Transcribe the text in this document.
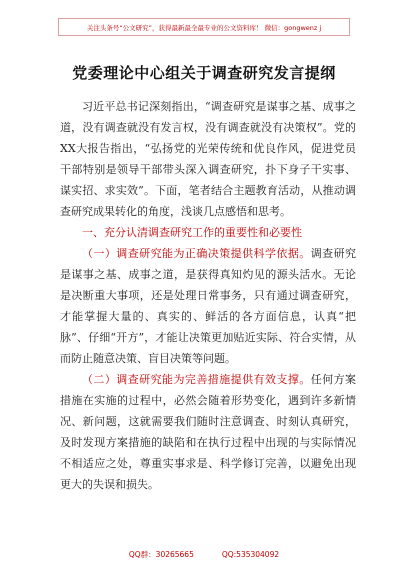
关注头条号“公文研究”，获得最新最全最专业的公文资料库！ 微信：gongwenz j
党委理论中心组关于调查研究发言提纲

习近平总书记深刻指出，“调查研究是谋事之基、成事之道，没有调查就没有发言权，没有调查就没有决策权”。党的XX大报告指出，“弘扬党的光荣传统和优良作风，促进党员干部特别是领导干部带头深入调查研究，扑下身子干实事、谋实招、求实效”。下面，笔者结合主题教育活动，从推动调查研究成果转化的角度，浅谈几点感悟和思考。

一、充分认清调查研究工作的重要性和必要性

（一）调查研究能为正确决策提供科学依据。调查研究是谋事之基、成事之道，是获得真知灼见的源头活水。无论是决断重大事项，还是处理日常事务，只有通过调查研究，才能掌握大量的、真实的、鲜活的各方面信息，认真“把脉”、仔细“开方”，才能让决策更加贴近实际、符合实情，从而防止随意决策、盲目决策等问题。

（二）调查研究能为完善措施提供有效支撑。任何方案措施在实施的过程中，必然会随着形势变化，遇到许多新情况、新问题，这就需要我们随时注意调查、时刻认真研究，及时发现方案措施的缺陷和在执行过程中出现的与实际情况不相适应之处，尊重实事求是、科学修订完善，以避免出现更大的失误和损失。

QQ群：30265665	QQ:535304092
